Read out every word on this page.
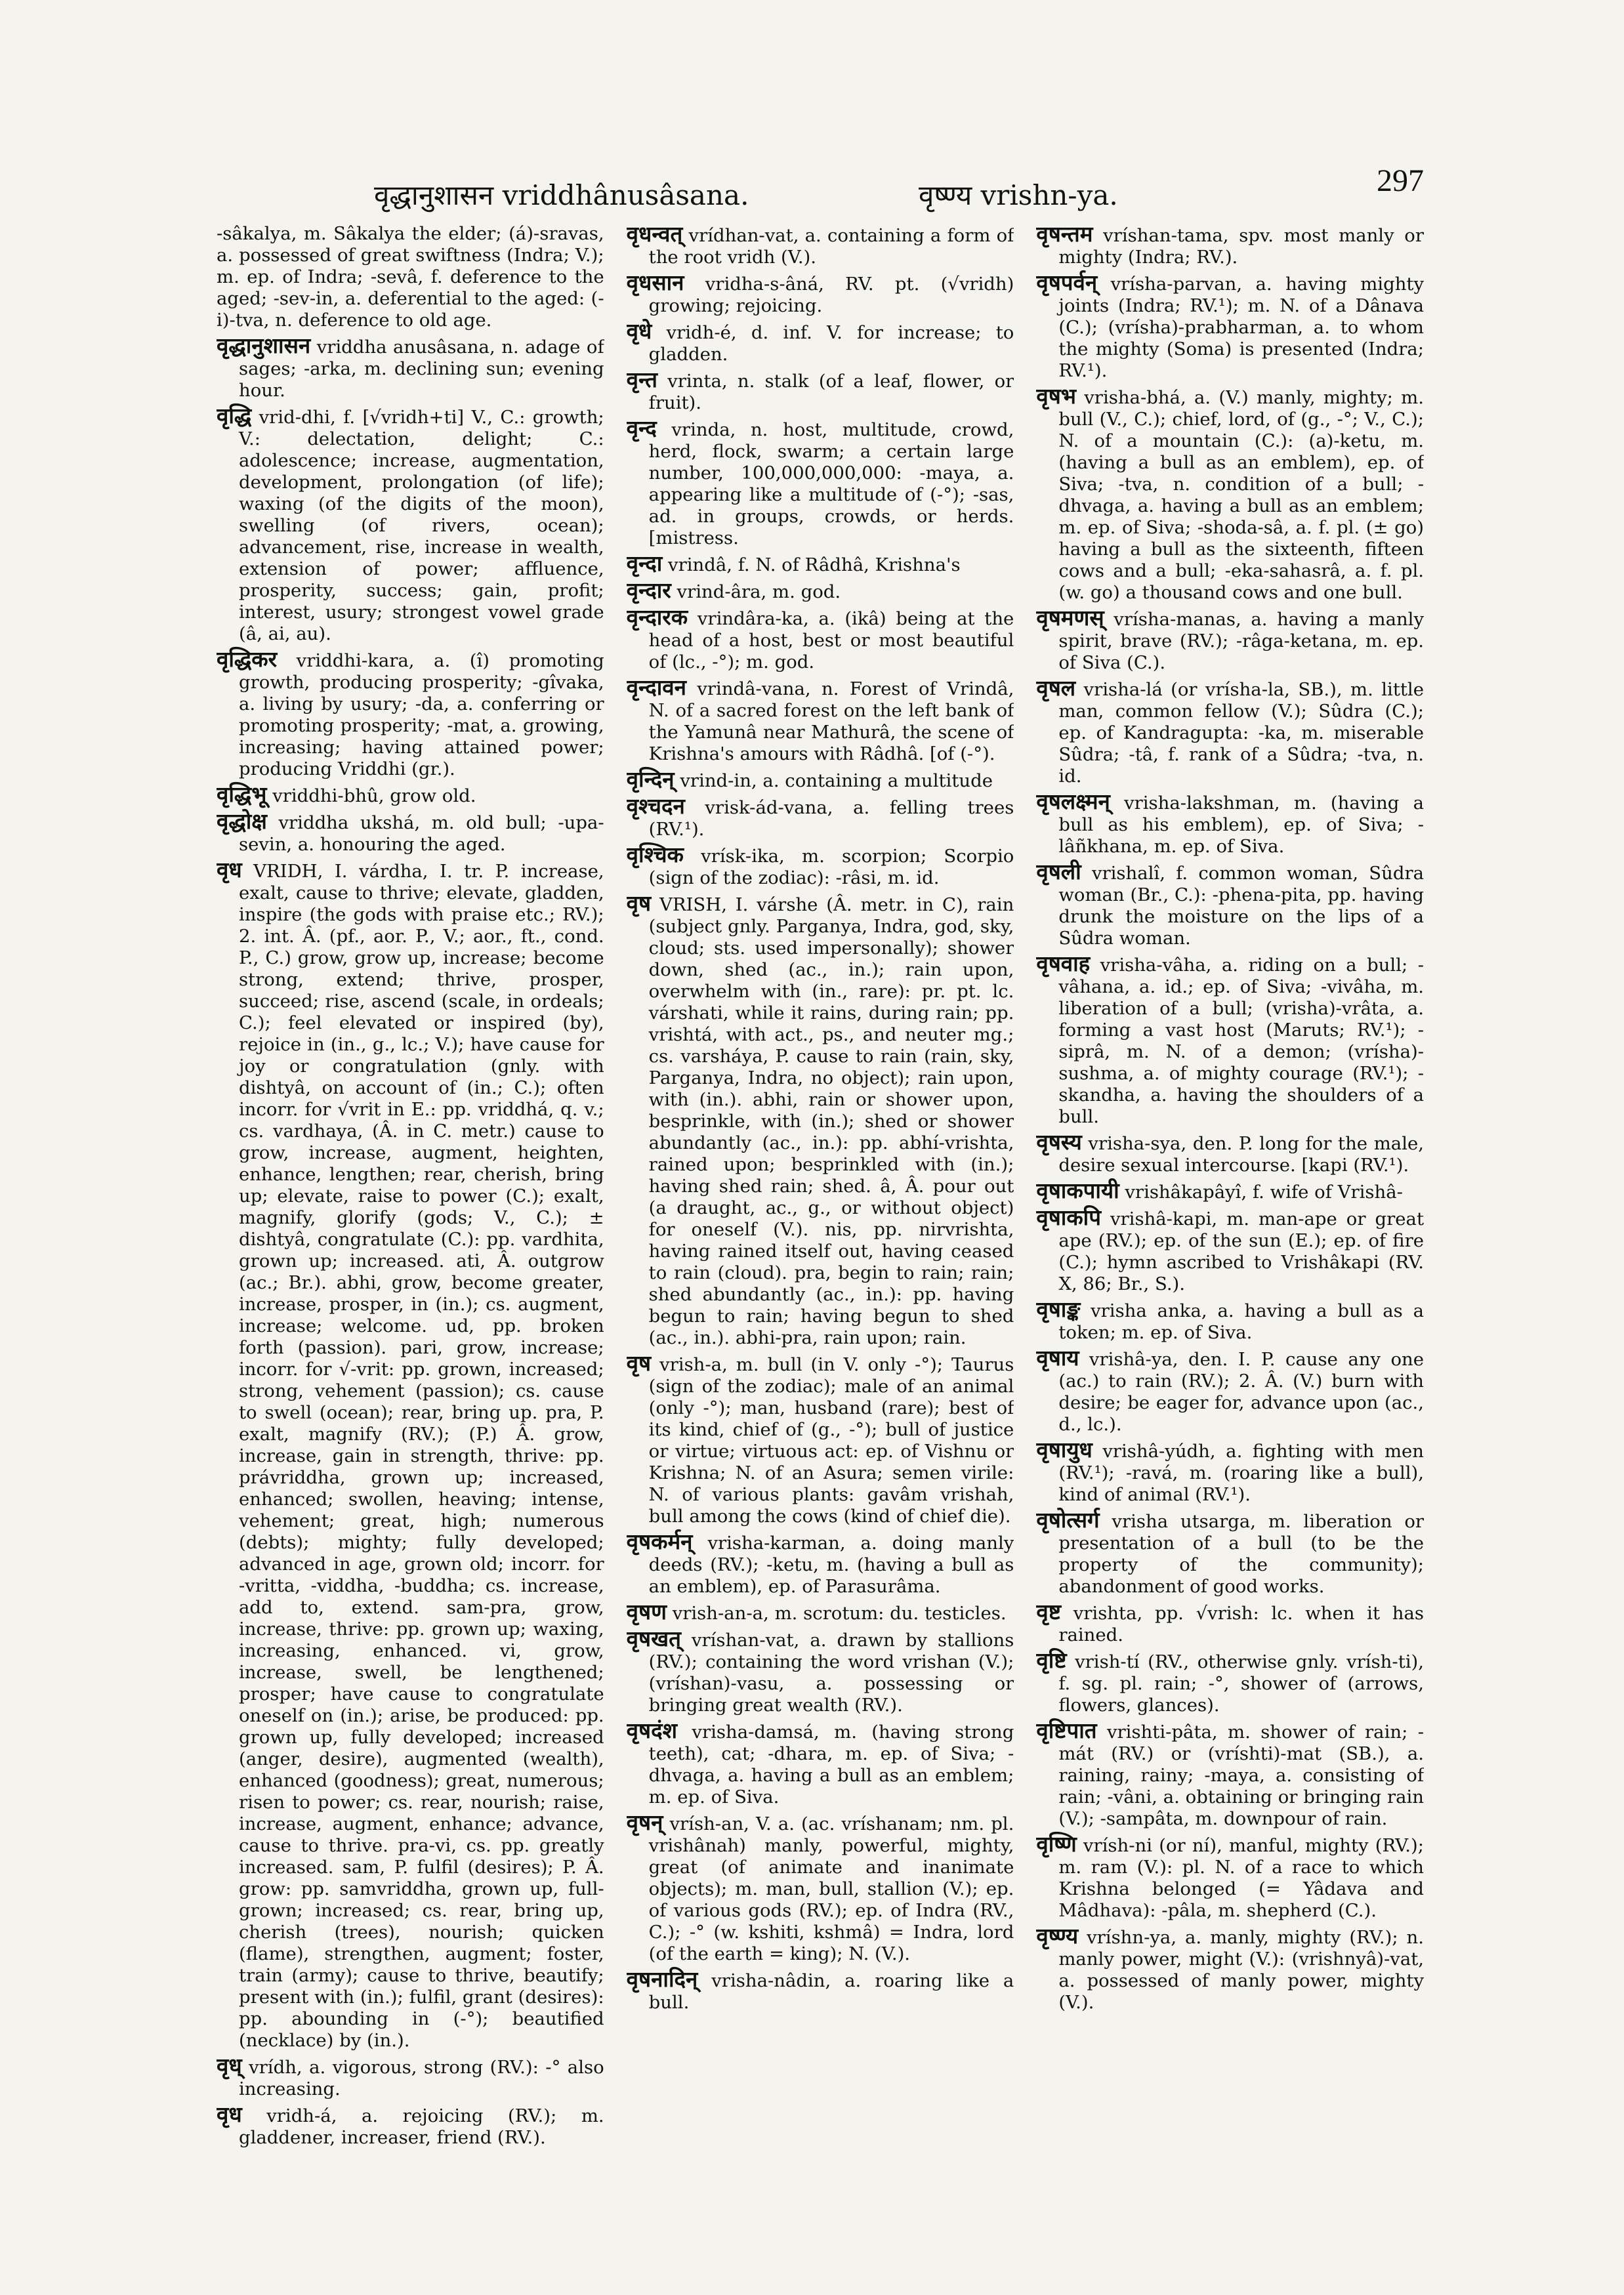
वृद्धानुशासन vriddhânusâsana.	वृष्ण्य vrishn-ya.	297

-sâkalya, m. Sâkalya the elder; (á)-sravas, a. possessed of great swiftness (Indra; V.); m. ep. of Indra; -sevâ, f. deference to the aged; -sev-in, a. deferential to the aged: (-i)-tva, n. deference to old age.

वृद्धानुशासन vriddha anusâsana, n. adage of sages; -arka, m. declining sun; evening hour.

वृद्धि vrid-dhi, f. [√vridh+ti] V., C.: growth; V.: delectation, delight; C.: adolescence; increase, augmentation, development, prolongation (of life); waxing (of the digits of the moon), swelling (of rivers, ocean); advancement, rise, increase in wealth, extension of power; affluence, prosperity, success; gain, profit; interest, usury; strongest vowel grade (â, ai, au).

वृद्धिकर vriddhi-kara, a. (î) promoting growth, producing prosperity; -gîvaka, a. living by usury; -da, a. conferring or promoting prosperity; -mat, a. growing, increasing; having attained power; producing Vriddhi (gr.).

वृद्धिभू vriddhi-bhû, grow old.

वृद्धोक्ष vriddha ukshá, m. old bull; -upa-sevin, a. honouring the aged.

वृध VRIDH, I. várdha, I. tr. P. increase, exalt, cause to thrive; elevate, gladden, inspire (the gods with praise etc.; RV.); 2. int. Â. (pf., aor. P., V.; aor., ft., cond. P., C.) grow, grow up, increase; become strong, extend; thrive, prosper, succeed; rise, ascend (scale, in ordeals; C.); feel elevated or inspired (by), rejoice in (in., g., lc.; V.); have cause for joy or congratulation (gnly. with dishtyâ, on account of (in.; C.); often incorr. for √vrit in E.: pp. vriddhá, q. v.; cs. vardhaya, (Â. in C. metr.) cause to grow, increase, augment, heighten, enhance, lengthen; rear, cherish, bring up; elevate, raise to power (C.); exalt, magnify, glorify (gods; V., C.); ± dishtyâ, congratulate (C.): pp. vardhita, grown up; increased. ati, Â. outgrow (ac.; Br.). abhi, grow, become greater, increase, prosper, in (in.); cs. augment, increase; welcome. ud, pp. broken forth (passion). pari, grow, increase; incorr. for √-vrit: pp. grown, increased; strong, vehement (passion); cs. cause to swell (ocean); rear, bring up. pra, P. exalt, magnify (RV.); (P.) Â. grow, increase, gain in strength, thrive: pp. právriddha, grown up; increased, enhanced; swollen, heaving; intense, vehement; great, high; numerous (debts); mighty; fully developed; advanced in age, grown old; incorr. for -vritta, -viddha, -buddha; cs. increase, add to, extend. sam-pra, grow, increase, thrive: pp. grown up; waxing, increasing, enhanced. vi, grow, increase, swell, be lengthened; prosper; have cause to congratulate oneself on (in.); arise, be produced: pp. grown up, fully developed; increased (anger, desire), augmented (wealth), enhanced (goodness); great, numerous; risen to power; cs. rear, nourish; raise, increase, augment, enhance; advance, cause to thrive. pra-vi, cs. pp. greatly increased. sam, P. fulfil (desires); P. Â. grow: pp. samvriddha, grown up, full-grown; increased; cs. rear, bring up, cherish (trees), nourish; quicken (flame), strengthen, augment; foster, train (army); cause to thrive, beautify; present with (in.); fulfil, grant (desires): pp. abounding in (-°); beautified (necklace) by (in.).

वृध् vrídh, a. vigorous, strong (RV.): -° also increasing.

वृध vridh-á, a. rejoicing (RV.); m. gladdener, increaser, friend (RV.).

वृधन्वत् vrídhan-vat, a. containing a form of the root vridh (V.).

वृधसान vridha-s-âná, RV. pt. (√vridh) growing; rejoicing.

वृधे vridh-é, d. inf. V. for increase; to gladden.

वृन्त vrinta, n. stalk (of a leaf, flower, or fruit).

वृन्द vrinda, n. host, multitude, crowd, herd, flock, swarm; a certain large number, 100,000,000,000: -maya, a. appearing like a multitude of (-°); -sas, ad. in groups, crowds, or herds. [mistress.

वृन्दा vrindâ, f. N. of Râdhâ, Krishna's

वृन्दार vrind-âra, m. god.

वृन्दारक vrindâra-ka, a. (ikâ) being at the head of a host, best or most beautiful of (lc., -°); m. god.

वृन्दावन vrindâ-vana, n. Forest of Vrindâ, N. of a sacred forest on the left bank of the Yamunâ near Mathurâ, the scene of Krishna's amours with Râdhâ. [of (-°).

वृन्दिन् vrind-in, a. containing a multitude

वृश्चदन vrisk-ád-vana, a. felling trees (RV.¹).

वृश्चिक vrísk-ika, m. scorpion; Scorpio (sign of the zodiac): -râsi, m. id.

वृष VRISH, I. várshe (Â. metr. in C), rain (subject gnly. Parganya, Indra, god, sky, cloud; sts. used impersonally); shower down, shed (ac., in.); rain upon, overwhelm with (in., rare): pr. pt. lc. várshati, while it rains, during rain; pp. vrishtá, with act., ps., and neuter mg.; cs. varsháya, P. cause to rain (rain, sky, Parganya, Indra, no object); rain upon, with (in.). abhi, rain or shower upon, besprinkle, with (in.); shed or shower abundantly (ac., in.): pp. abhí-vrishta, rained upon; besprinkled with (in.); having shed rain; shed. â, Â. pour out (a draught, ac., g., or without object) for oneself (V.). nis, pp. nirvrishta, having rained itself out, having ceased to rain (cloud). pra, begin to rain; rain; shed abundantly (ac., in.): pp. having begun to rain; having begun to shed (ac., in.). abhi-pra, rain upon; rain.

वृष vrish-a, m. bull (in V. only -°); Taurus (sign of the zodiac); male of an animal (only -°); man, husband (rare); best of its kind, chief of (g., -°); bull of justice or virtue; virtuous act: ep. of Vishnu or Krishna; N. of an Asura; semen virile: N. of various plants: gavâm vrishah, bull among the cows (kind of chief die).

वृषकर्मन् vrisha-karman, a. doing manly deeds (RV.); -ketu, m. (having a bull as an emblem), ep. of Parasurâma.

वृषण vrish-an-a, m. scrotum: du. testicles.

वृषखत् vríshan-vat, a. drawn by stallions (RV.); containing the word vrishan (V.); (vríshan)-vasu, a. possessing or bringing great wealth (RV.).

वृषदंश vrisha-damsá, m. (having strong teeth), cat; -dhara, m. ep. of Siva; -dhvaga, a. having a bull as an emblem; m. ep. of Siva.

वृषन् vrísh-an, V. a. (ac. vríshanam; nm. pl. vrishânah) manly, powerful, mighty, great (of animate and inanimate objects); m. man, bull, stallion (V.); ep. of various gods (RV.); ep. of Indra (RV., C.); -° (w. kshiti, kshmâ) = Indra, lord (of the earth = king); N. (V.).

वृषनादिन् vrisha-nâdin, a. roaring like a bull.

वृषन्तम vríshan-tama, spv. most manly or mighty (Indra; RV.).

वृषपर्वन् vrísha-parvan, a. having mighty joints (Indra; RV.¹); m. N. of a Dânava (C.); (vrísha)-prabharman, a. to whom the mighty (Soma) is presented (Indra; RV.¹).

वृषभ vrisha-bhá, a. (V.) manly, mighty; m. bull (V., C.); chief, lord, of (g., -°; V., C.); N. of a mountain (C.): (a)-ketu, m. (having a bull as an emblem), ep. of Siva; -tva, n. condition of a bull; -dhvaga, a. having a bull as an emblem; m. ep. of Siva; -shoda-sâ, a. f. pl. (± go) having a bull as the sixteenth, fifteen cows and a bull; -eka-sahasrâ, a. f. pl. (w. go) a thousand cows and one bull.

वृषमणस् vrísha-manas, a. having a manly spirit, brave (RV.); -râga-ketana, m. ep. of Siva (C.).

वृषल vrisha-lá (or vrísha-la, SB.), m. little man, common fellow (V.); Sûdra (C.); ep. of Kandragupta: -ka, m. miserable Sûdra; -tâ, f. rank of a Sûdra; -tva, n. id.

वृषलक्ष्मन् vrisha-lakshman, m. (having a bull as his emblem), ep. of Siva; -lâñkhana, m. ep. of Siva.

वृषली vrishalî, f. common woman, Sûdra woman (Br., C.): -phena-pita, pp. having drunk the moisture on the lips of a Sûdra woman.

वृषवाह vrisha-vâha, a. riding on a bull; -vâhana, a. id.; ep. of Siva; -vivâha, m. liberation of a bull; (vrisha)-vrâta, a. forming a vast host (Maruts; RV.¹); -siprâ, m. N. of a demon; (vrísha)-sushma, a. of mighty courage (RV.¹); -skandha, a. having the shoulders of a bull.

वृषस्य vrisha-sya, den. P. long for the male, desire sexual intercourse. [kapi (RV.¹).

वृषाकपायी vrishâkapâyî, f. wife of Vrishâ-

वृषाकपि vrishâ-kapi, m. man-ape or great ape (RV.); ep. of the sun (E.); ep. of fire (C.); hymn ascribed to Vrishâkapi (RV. X, 86; Br., S.).

वृषाङ्क vrisha anka, a. having a bull as a token; m. ep. of Siva.

वृषाय vrishâ-ya, den. I. P. cause any one (ac.) to rain (RV.); 2. Â. (V.) burn with desire; be eager for, advance upon (ac., d., lc.).

वृषायुध vrishâ-yúdh, a. fighting with men (RV.¹); -ravá, m. (roaring like a bull), kind of animal (RV.¹).

वृषोत्सर्ग vrisha utsarga, m. liberation or presentation of a bull (to be the property of the community); abandonment of good works.

वृष्ट vrishta, pp. √vrish: lc. when it has rained.

वृष्टि vrish-tí (RV., otherwise gnly. vrísh-ti), f. sg. pl. rain; -°, shower of (arrows, flowers, glances).

वृष्टिपात vrishti-pâta, m. shower of rain; -mát (RV.) or (vríshti)-mat (SB.), a. raining, rainy; -maya, a. consisting of rain; -vâni, a. obtaining or bringing rain (V.); -sampâta, m. downpour of rain.

वृष्णि vrísh-ni (or ní), manful, mighty (RV.); m. ram (V.): pl. N. of a race to which Krishna belonged (= Yâdava and Mâdhava): -pâla, m. shepherd (C.).

वृष्ण्य vríshn-ya, a. manly, mighty (RV.); n. manly power, might (V.): (vrishnyâ)-vat, a. possessed of manly power, mighty (V.).
